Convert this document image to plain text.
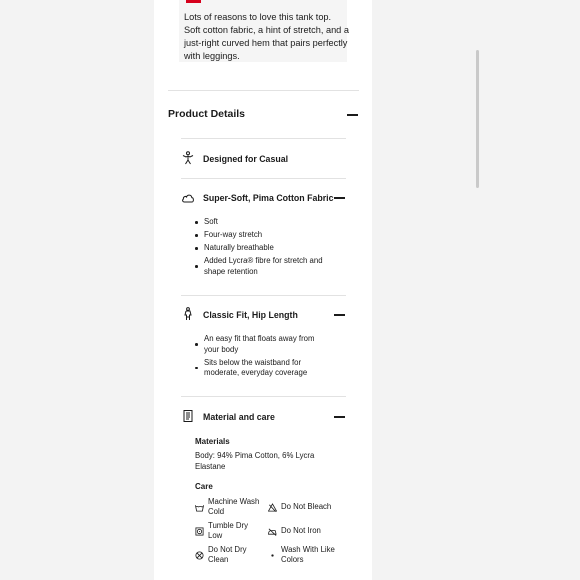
Lots of reasons to love this tank top. Soft cotton fabric, a hint of stretch, and a just-right curved hem that pairs perfectly with leggings.

Product Details
Designed for Casual
Super-Soft, Pima Cotton Fabric
Soft
Four-way stretch
Naturally breathable
Added Lycra® fibre for stretch and shape retention
Classic Fit, Hip Length
An easy fit that floats away from your body
Sits below the waistband for moderate, everyday coverage
Material and care
Materials
Body: 94% Pima Cotton, 6% Lycra Elastane
Care
Machine Wash Cold
Do Not Bleach
Tumble Dry Low
Do Not Iron
Do Not Dry Clean
Wash With Like Colors
